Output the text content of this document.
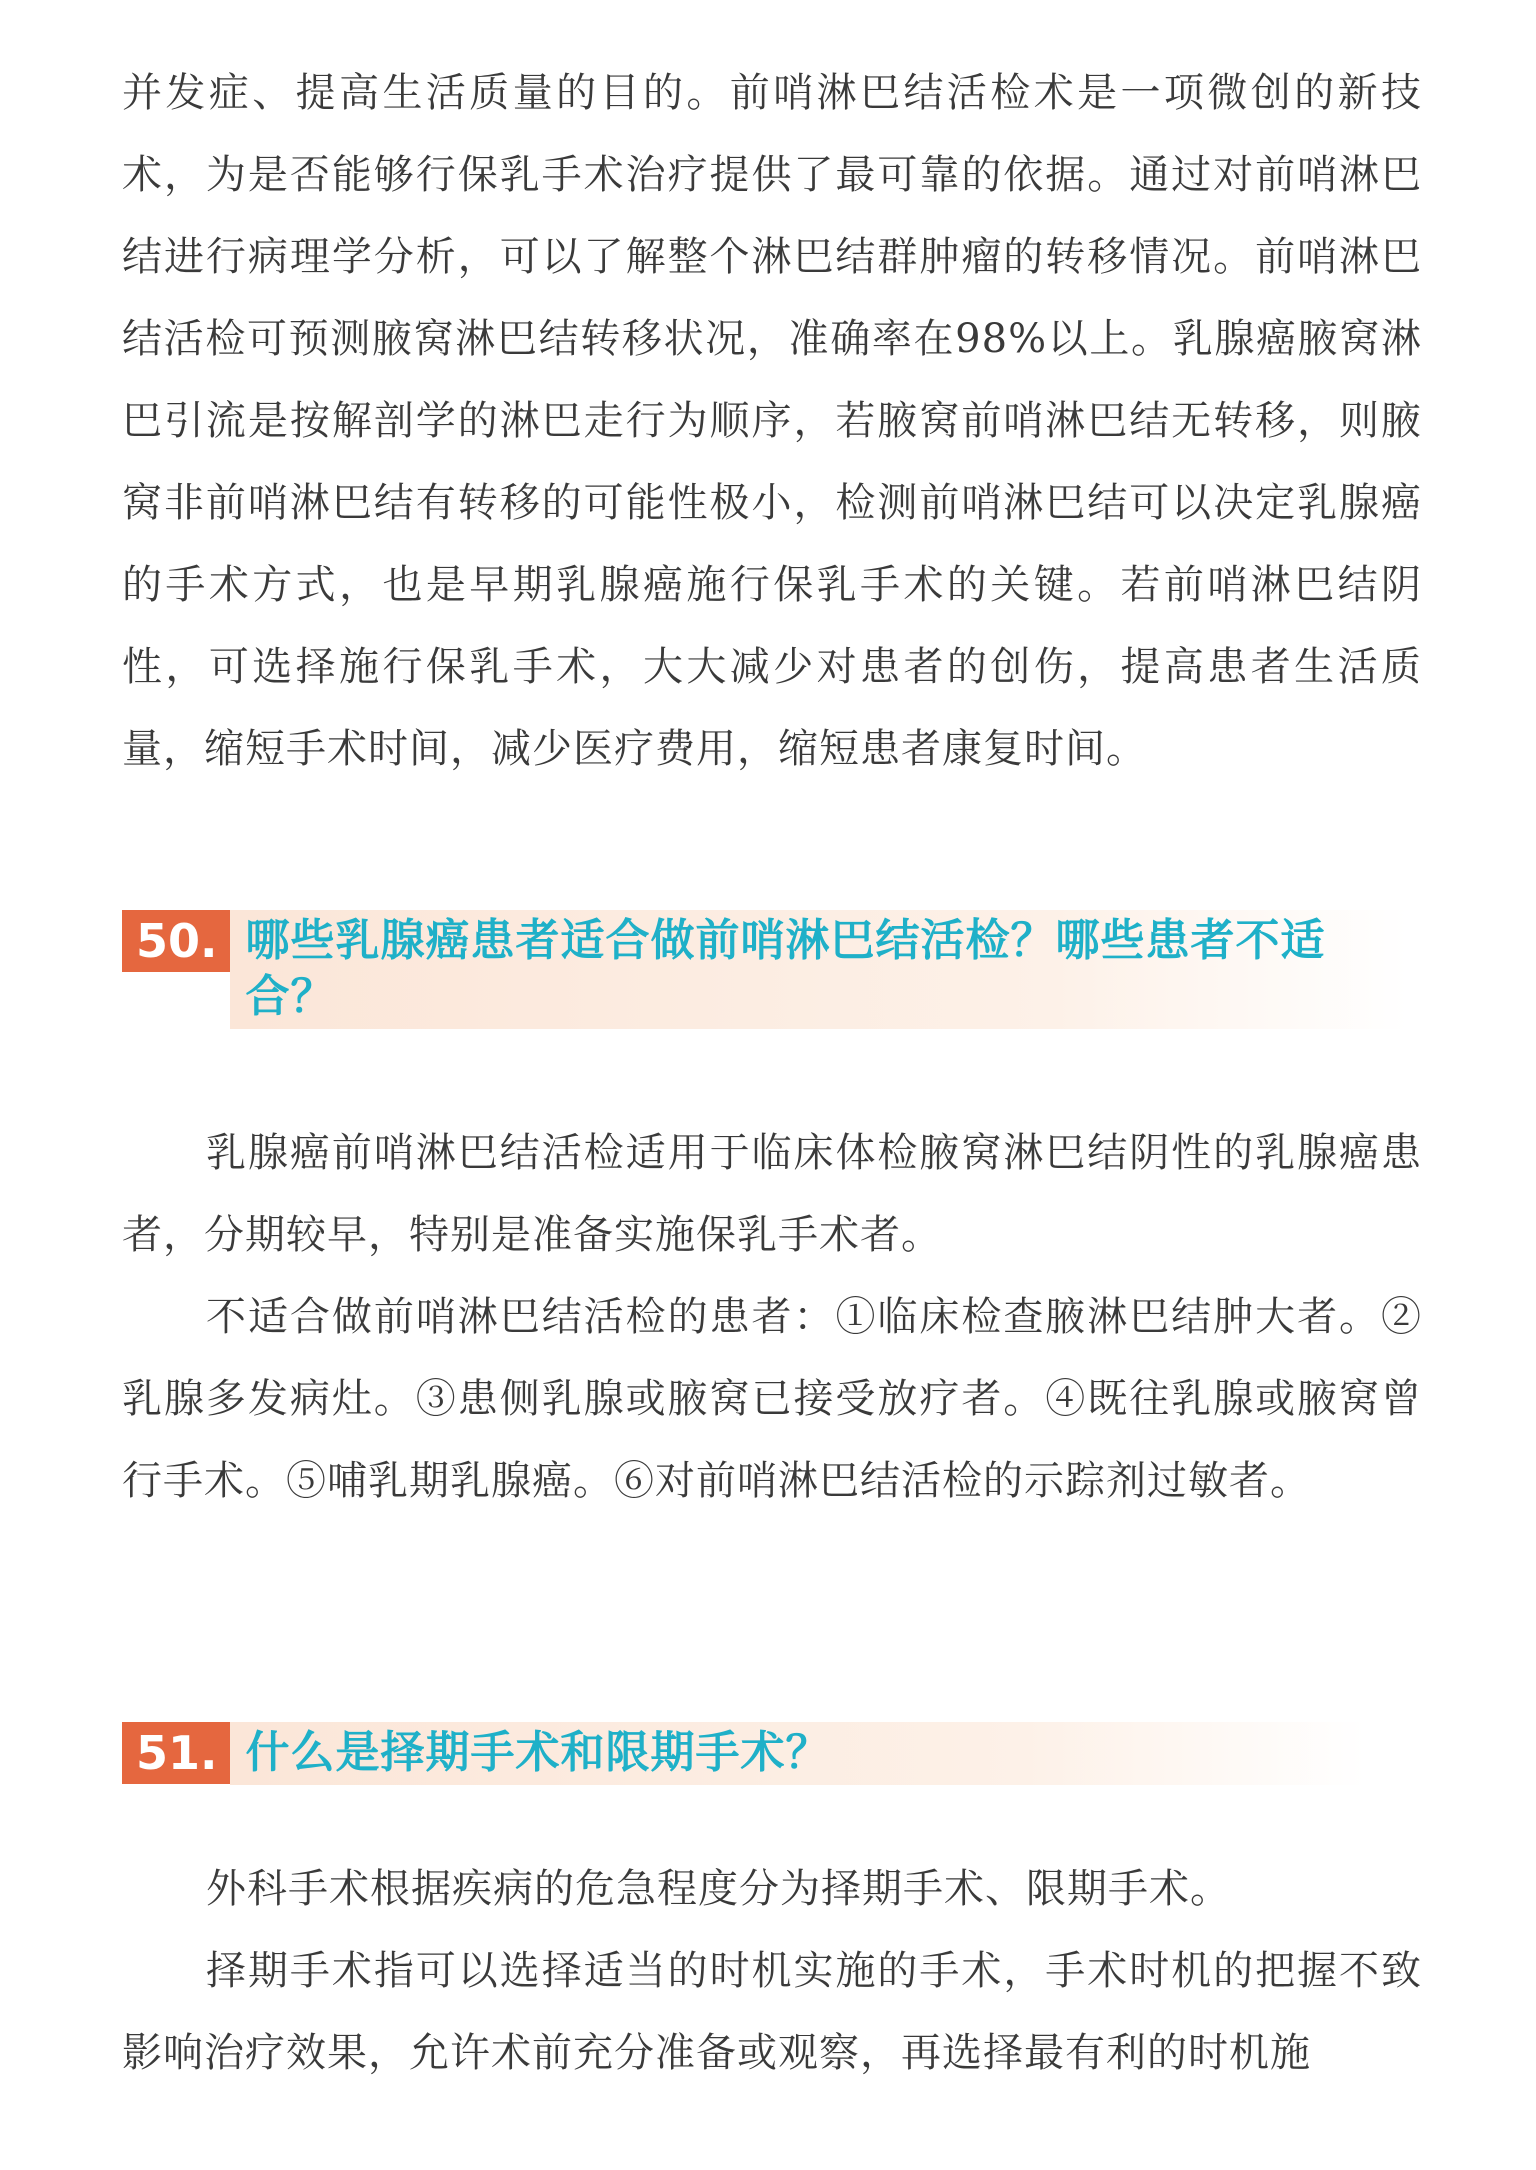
并发症、提高生活质量的目的。前哨淋巴结活检术是一项微创的新技术，为是否能够行保乳手术治疗提供了最可靠的依据。通过对前哨淋巴结进行病理学分析，可以了解整个淋巴结群肿瘤的转移情况。前哨淋巴结活检可预测腋窝淋巴结转移状况，准确率在98%以上。乳腺癌腋窝淋巴引流是按解剖学的淋巴走行为顺序，若腋窝前哨淋巴结无转移，则腋窝非前哨淋巴结有转移的可能性极小，检测前哨淋巴结可以决定乳腺癌的手术方式，也是早期乳腺癌施行保乳手术的关键。若前哨淋巴结阴性，可选择施行保乳手术，大大减少对患者的创伤，提高患者生活质量，缩短手术时间，减少医疗费用，缩短患者康复时间。

50. 哪些乳腺癌患者适合做前哨淋巴结活检？哪些患者不适合？

乳腺癌前哨淋巴结活检适用于临床体检腋窝淋巴结阴性的乳腺癌患者，分期较早，特别是准备实施保乳手术者。

不适合做前哨淋巴结活检的患者：①临床检查腋淋巴结肿大者。②乳腺多发病灶。③患侧乳腺或腋窝已接受放疗者。④既往乳腺或腋窝曾行手术。⑤哺乳期乳腺癌。⑥对前哨淋巴结活检的示踪剂过敏者。

51. 什么是择期手术和限期手术？

外科手术根据疾病的危急程度分为择期手术、限期手术。

择期手术指可以选择适当的时机实施的手术，手术时机的把握不致影响治疗效果，允许术前充分准备或观察，再选择最有利的时机施
